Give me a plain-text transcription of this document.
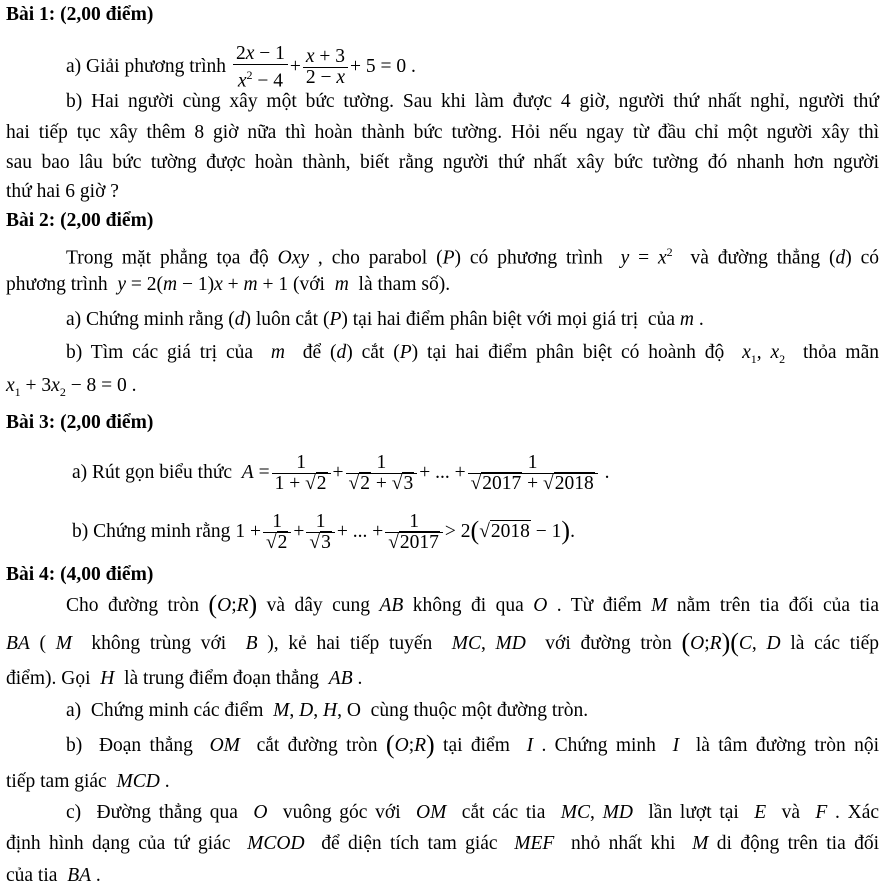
Bài 1: (2,00 điểm)
a) Giải phương trình $\frac{2x - 1}{x^2 - 4} + \frac{x + 3}{2 - x} + 5 = 0$ .
b) Hai người cùng xây một bức tường. Sau khi làm được 4 giờ, người thứ nhất nghỉ, người thứ
hai tiếp tục xây thêm 8 giờ nữa thì hoàn thành bức tường. Hỏi nếu ngay từ đầu chỉ một người xây thì
sau bao lâu bức tường được hoàn thành, biết rằng người thứ nhất xây bức tường đó nhanh hơn người
thứ hai 6 giờ ?
Bài 2: (2,00 điểm)
Trong mặt phẳng tọa độ Oxy , cho parabol (P) có phương trình  $y = x^2$  và đường thẳng (d) có
phương trình  y = 2(m − 1)x + m + 1 (với  m  là tham số).
a) Chứng minh rằng (d) luôn cắt (P) tại hai điểm phân biệt với mọi giá trị  của m .
b) Tìm các giá trị của  m  để (d) cắt (P) tại hai điểm phân biệt có hoành độ  $x_1$, $x_2$  thỏa mãn
$x_1 + 3x_2 - 8 = 0$ .
Bài 3: (2,00 điểm)
a) Rút gọn biểu thức $A = \frac{1}{1 + √2} + \frac{1}{√2 + √3}$ + ... + $\frac{1}{√2017 + √2018}$ .
b) Chứng minh rằng $1 + \frac{1}{√2} + \frac{1}{√3}$ + ... + $\frac{1}{√2017} > 2(√2018 - 1)$.
Bài 4: (4,00 điểm)
Cho đường tròn (O;R) và dây cung AB không đi qua O . Từ điểm M nằm trên tia đối của tia
BA ( M  không trùng với  B ), kẻ hai tiếp tuyến  MC, MD  với đường tròn (O;R)(C, D là các tiếp
điểm). Gọi  H  là trung điểm đoạn thẳng  AB .
a)  Chứng minh các điểm  M, D, H, O  cùng thuộc một đường tròn.
b)  Đoạn thẳng  OM  cắt đường tròn (O;R) tại điểm  I . Chứng minh  I  là tâm đường tròn nội
tiếp tam giác  MCD .
c)  Đường thẳng qua  O  vuông góc với  OM  cắt các tia  MC, MD  lần lượt tại  E  và  F . Xác
định hình dạng của tứ giác  MCOD  để diện tích tam giác  MEF  nhỏ nhất khi  M di động trên tia đối
của tia  BA .
